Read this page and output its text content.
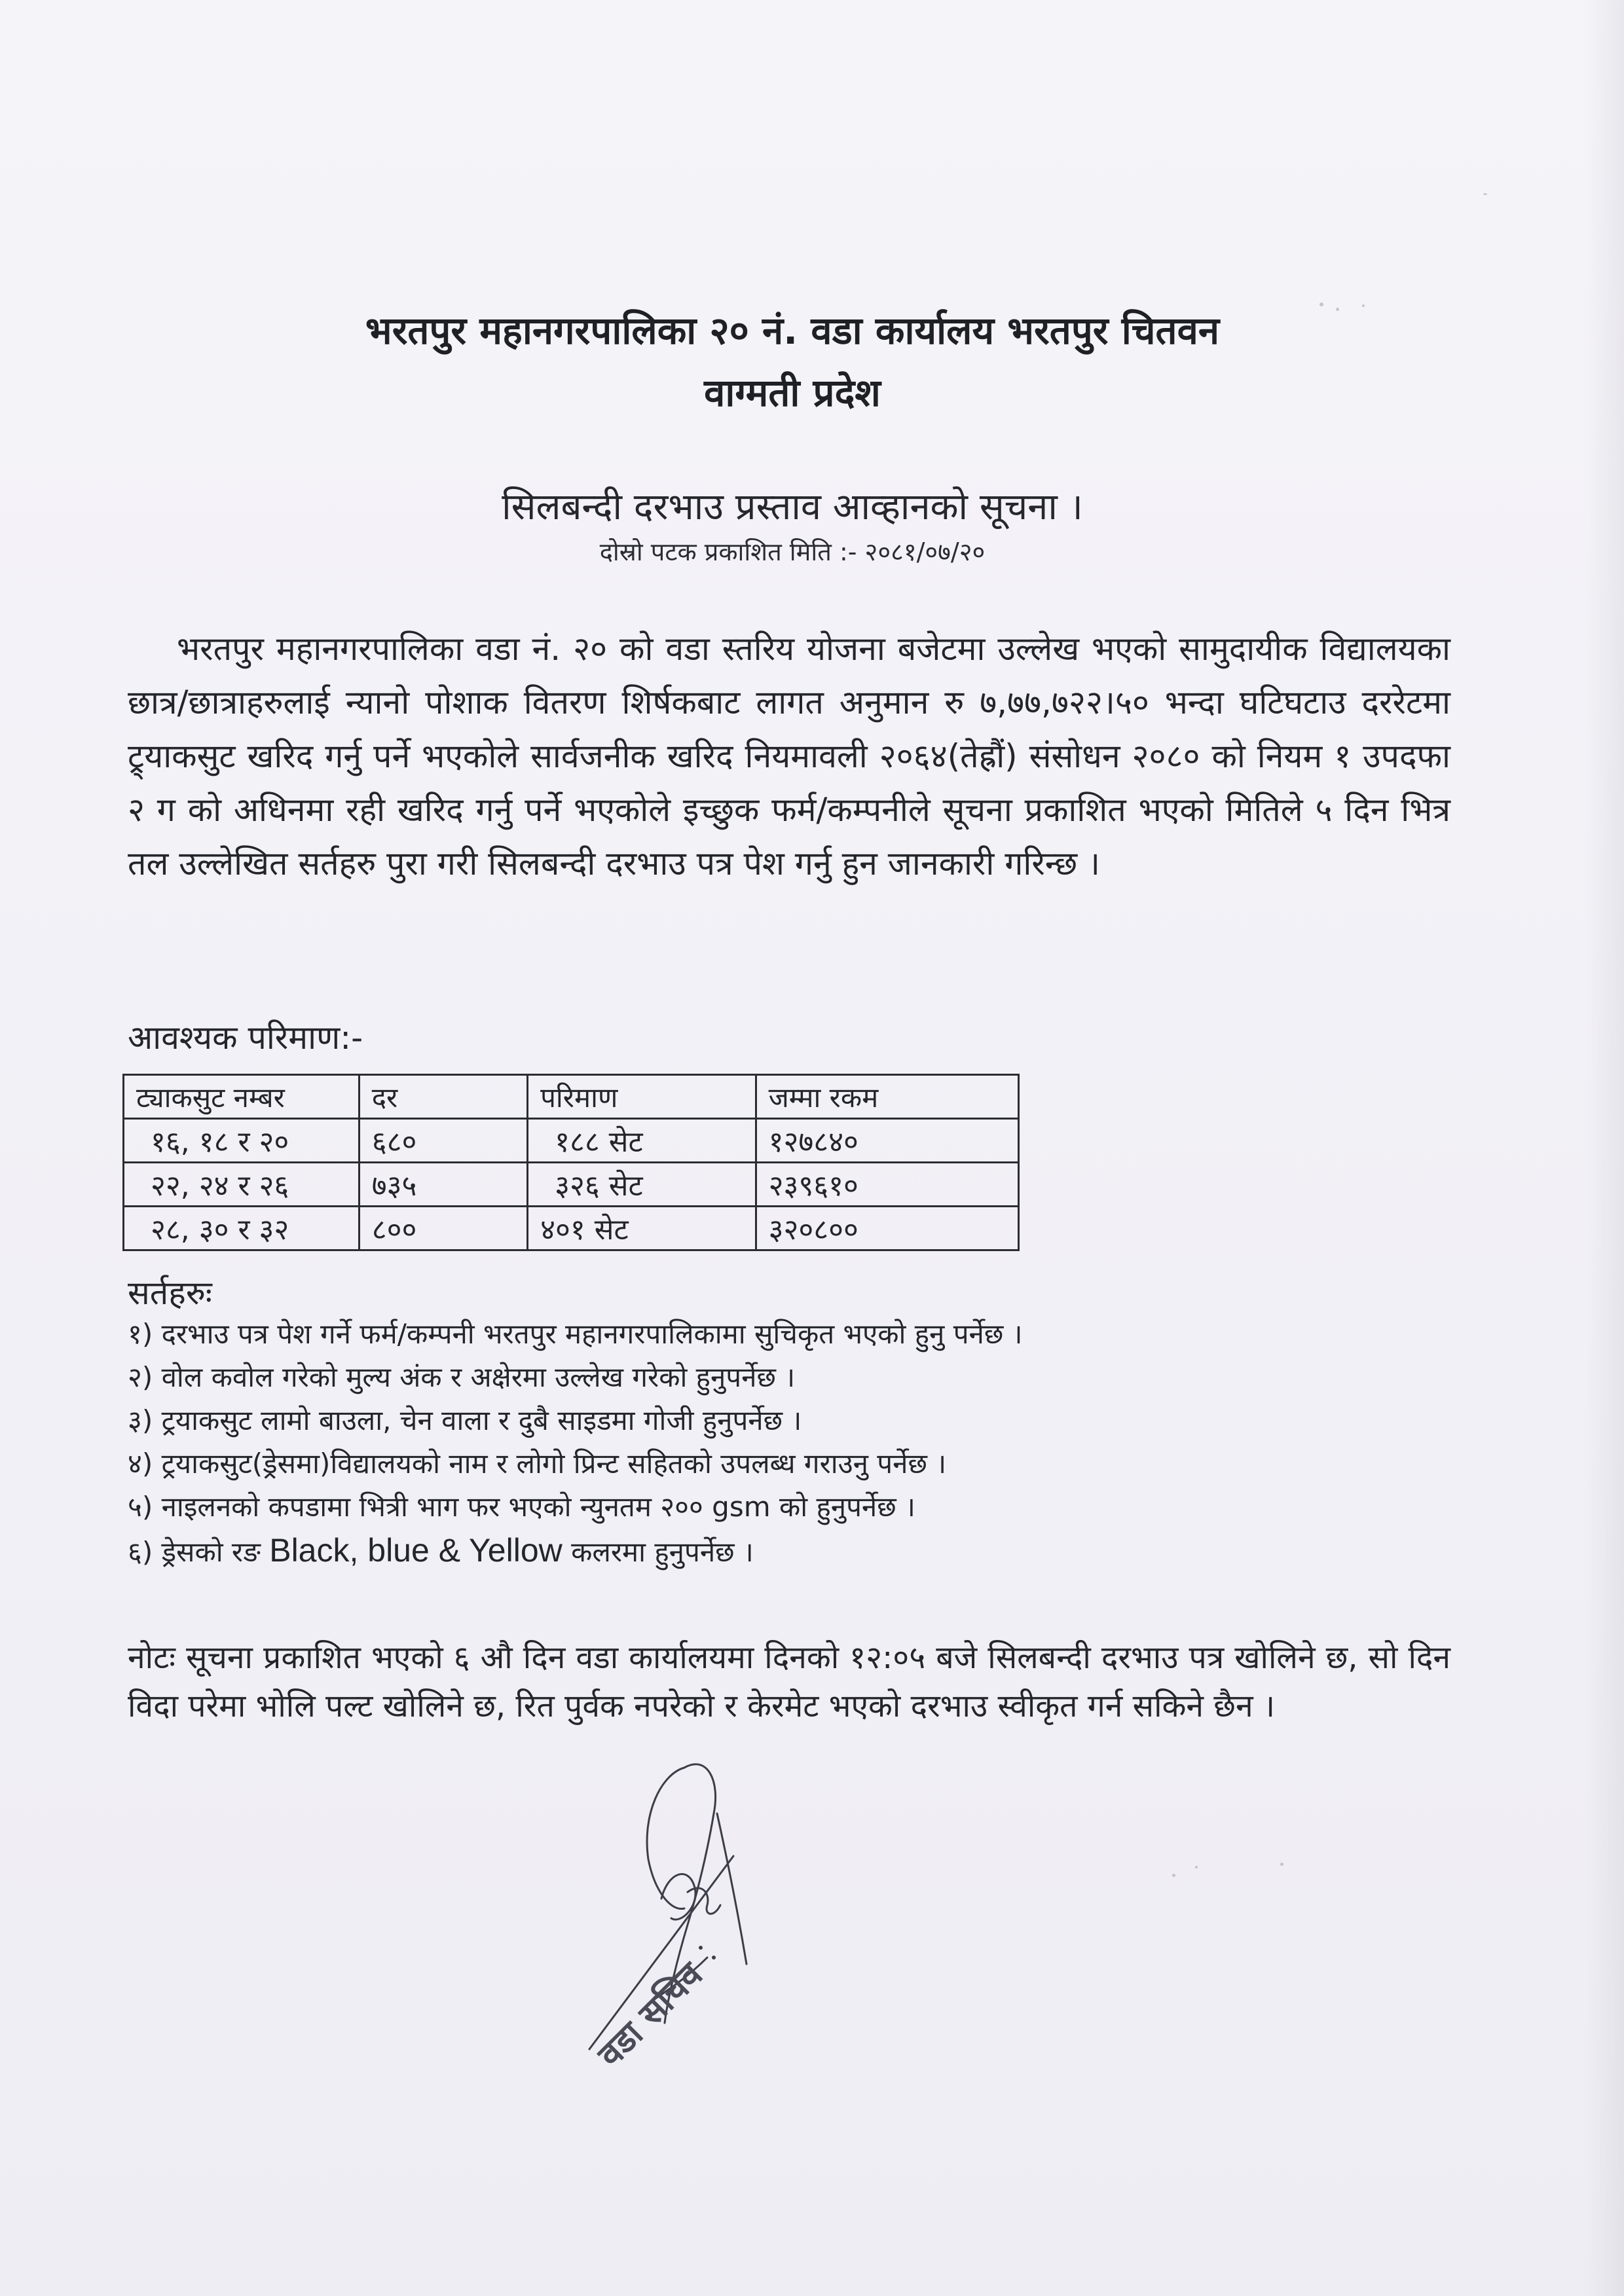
भरतपुर महानगरपालिका २० नं. वडा कार्यालय भरतपुर चितवन
वाग्मती प्रदेश
सिलबन्दी दरभाउ प्रस्ताव आव्हानको सूचना ।
दोस्रो पटक प्रकाशित मिति :- २०८१/०७/२०
भरतपुर महानगरपालिका वडा नं. २० को वडा स्तरिय योजना बजेटमा उल्लेख भएको सामुदायीक विद्यालयका छात्र/छात्राहरुलाई न्यानो पोशाक वितरण शिर्षकबाट लागत अनुमान रु ७,७७,७२२।५० भन्दा घटिघटाउ दररेटमा ट्र्याकसुट खरिद गर्नु पर्ने भएकोले सार्वजनीक खरिद नियमावली २०६४(तेह्रौं) संसोधन २०८० को नियम १ उपदफा २ ग को अधिनमा रही खरिद गर्नु पर्ने भएकोले इच्छुक फर्म/कम्पनीले सूचना प्रकाशित भएको मितिले ५ दिन भित्र तल उल्लेखित सर्तहरु पुरा गरी सिलबन्दी दरभाउ पत्र पेश गर्नु हुन जानकारी गरिन्छ ।
आवश्यक परिमाण:-
ट्याकसुट नम्बर	दर	परिमाण	जम्मा रकम
१६, १८ र २०	६८०	१८८ सेट	१२७८४०
२२, २४ र २६	७३५	३२६ सेट	२३९६१०
२८, ३० र ३२	८००	४०१ सेट	३२०८००
सर्तहरुः
१) दरभाउ पत्र पेश गर्ने फर्म/कम्पनी भरतपुर महानगरपालिकामा सुचिकृत भएको हुनु पर्नेछ ।
२) वोल कवोल गरेको मुल्य अंक र अक्षेरमा उल्लेख गरेको हुनुपर्नेछ ।
३) ट्रयाकसुट लामो बाउला, चेन वाला र दुबै साइडमा गोजी हुनुपर्नेछ ।
४) ट्रयाकसुट(ड्रेसमा)विद्यालयको नाम र लोगो प्रिन्ट सहितको उपलब्ध गराउनु पर्नेछ ।
५) नाइलनको कपडामा भित्री भाग फर भएको न्युनतम २०० gsm को हुनुपर्नेछ ।
६) ड्रेसको रङ Black, blue & Yellow कलरमा हुनुपर्नेछ ।
नोटः सूचना प्रकाशित भएको ६ औ दिन वडा कार्यालयमा दिनको १२:०५ बजे सिलबन्दी दरभाउ पत्र खोलिने छ, सो दिन विदा परेमा भोलि पल्ट खोलिने छ, रित पुर्वक नपरेको र केरमेट भएको दरभाउ स्वीकृत गर्न सकिने छैन ।
वडा सचिव
